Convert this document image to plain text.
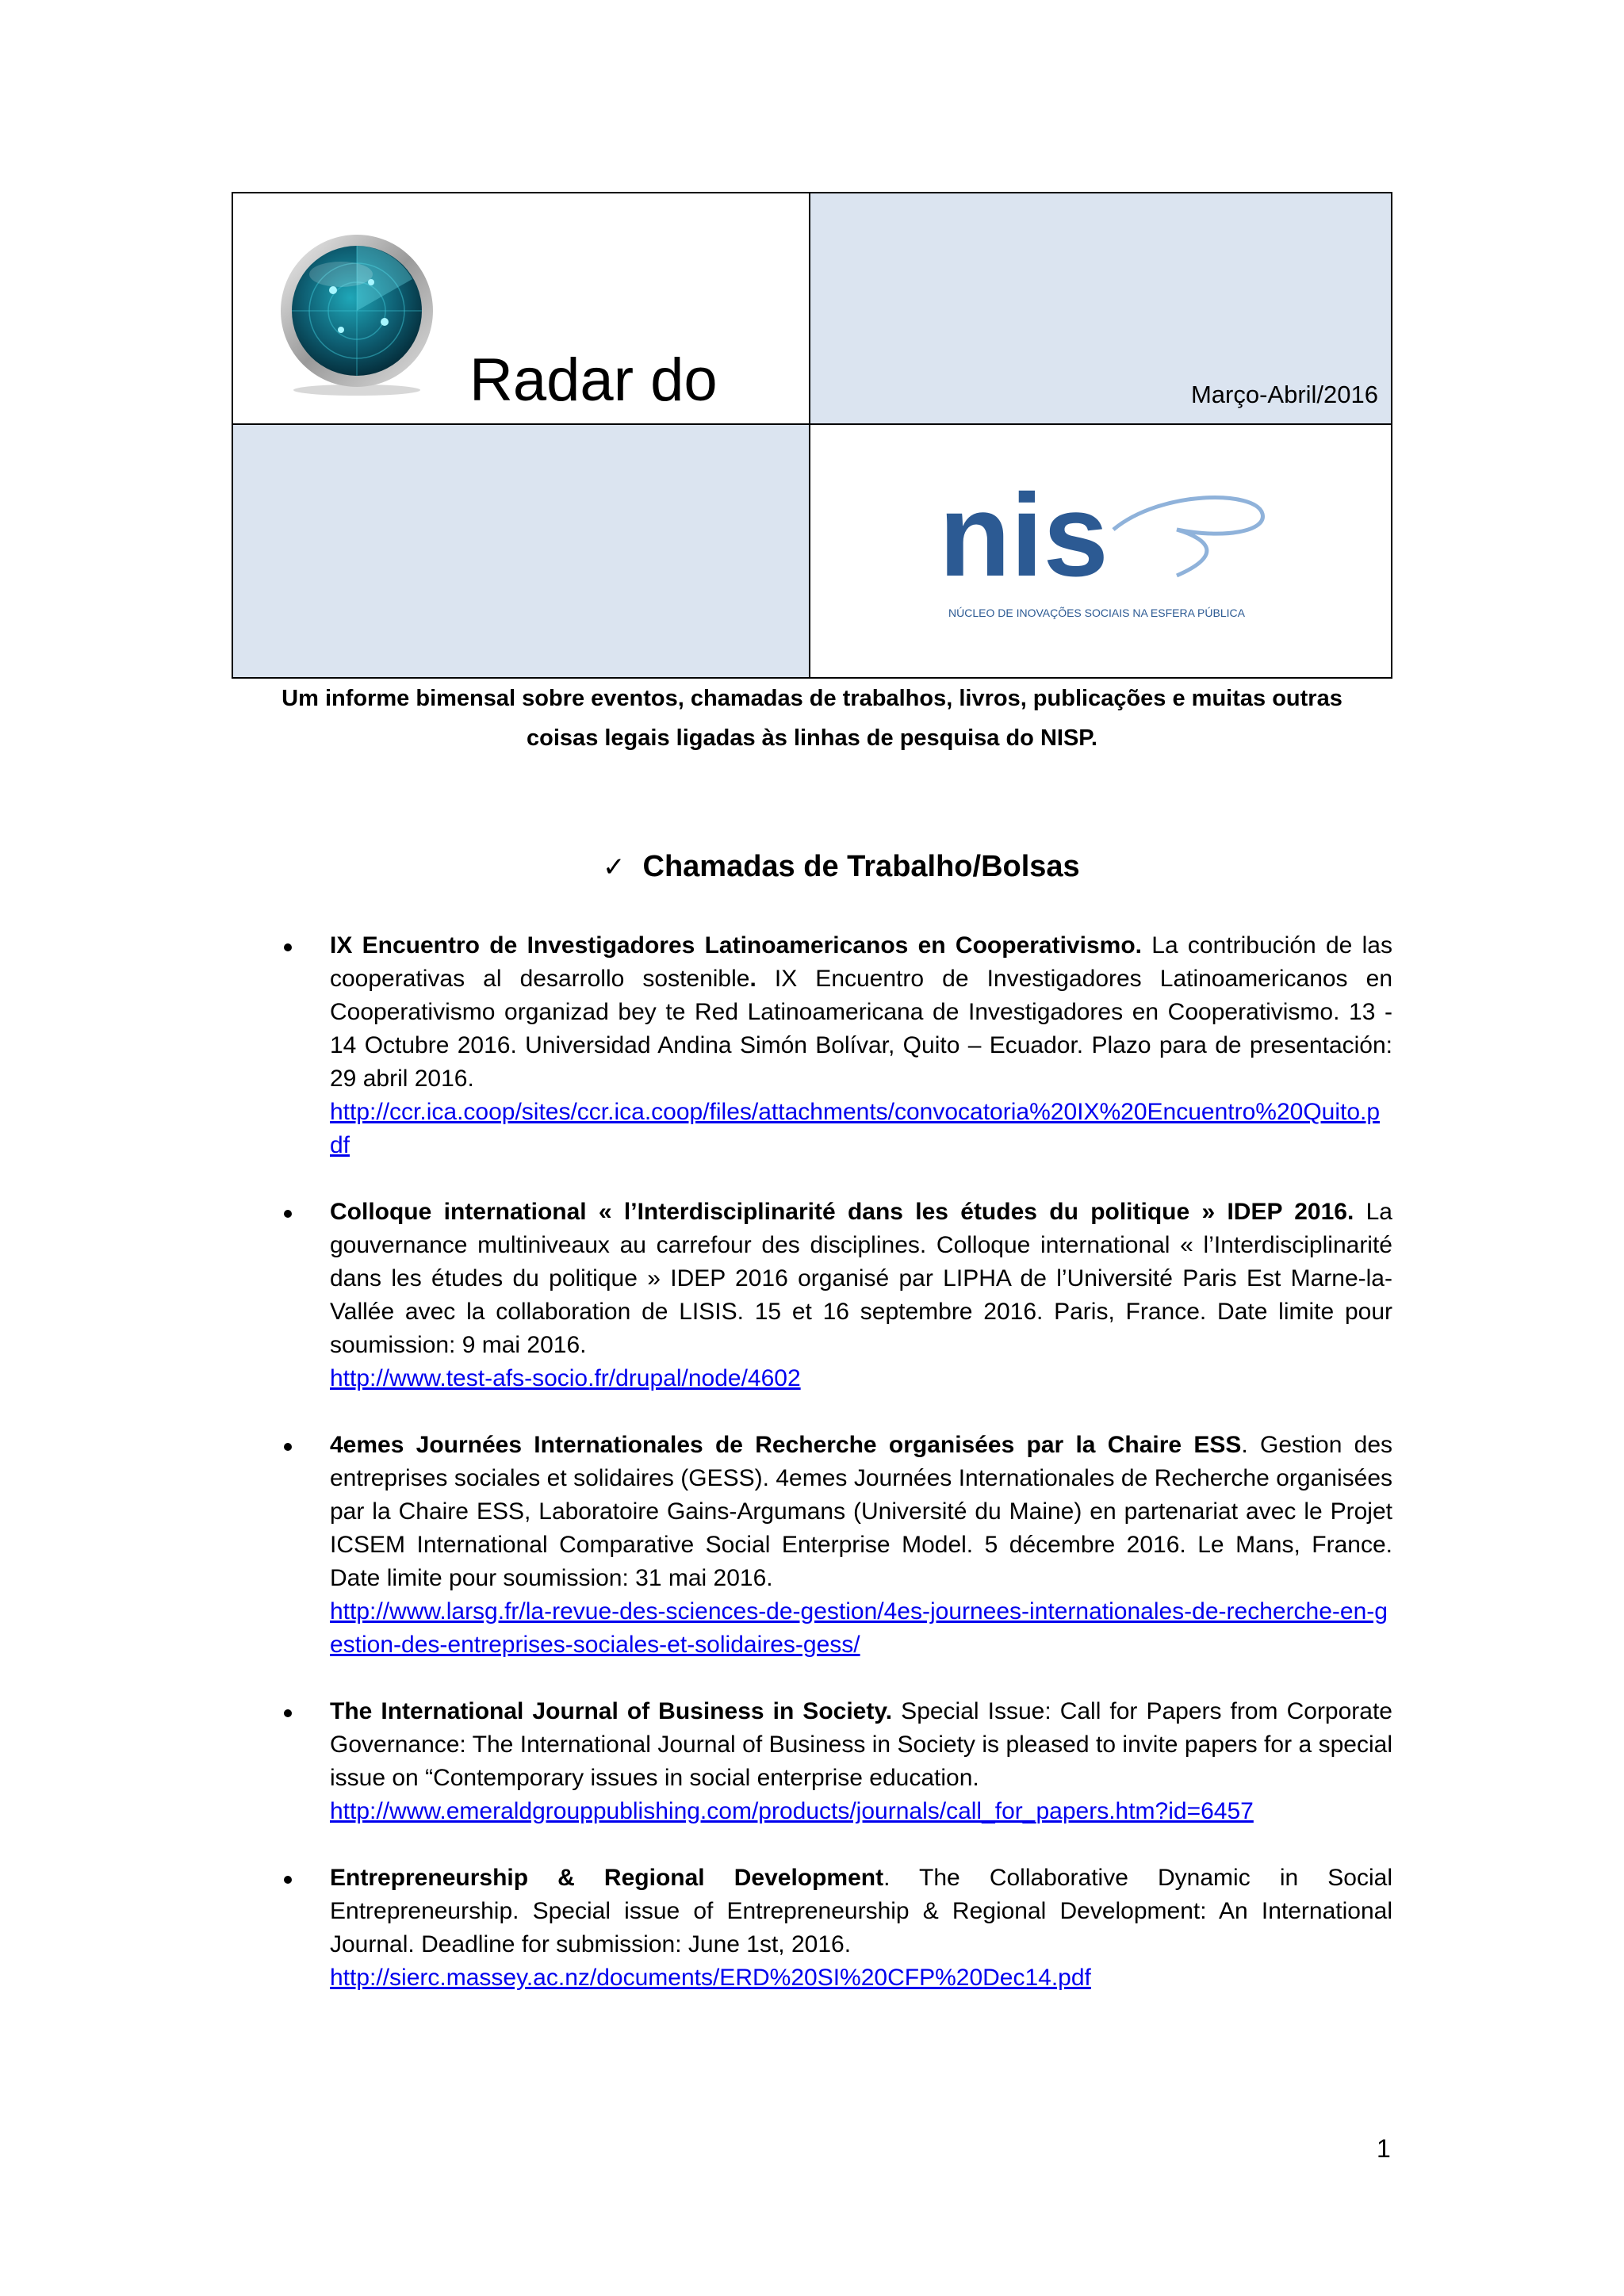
Radar do	Março-Abril/2016
nis
NÚCLEO DE INOVAÇÕES SOCIAIS NA ESFERA PÚBLICA
Um informe bimensal sobre eventos, chamadas de trabalhos, livros, publicações e muitas outras
coisas legais ligadas às linhas de pesquisa do NISP.
✓ Chamadas de Trabalho/Bolsas

IX Encuentro de Investigadores Latinoamericanos en Cooperativismo. La contribución de las cooperativas al desarrollo sostenible. IX Encuentro de Investigadores Latinoamericanos en Cooperativismo organizad bey te Red Latinoamericana de Investigadores en Cooperativismo. 13 - 14 Octubre 2016. Universidad Andina Simón Bolívar, Quito – Ecuador. Plazo para de presentación: 29 abril 2016.

http://ccr.ica.coop/sites/ccr.ica.coop/files/attachments/convocatoria%20IX%20Encuentro%20Quito.pdf

Colloque international « l’Interdisciplinarité dans les études du politique » IDEP 2016. La gouvernance multiniveaux au carrefour des disciplines. Colloque international « l’Interdisciplinarité dans les études du politique » IDEP 2016 organisé par LIPHA de l’Université Paris Est Marne-la-Vallée avec la collaboration de LISIS. 15 et 16 septembre 2016. Paris, France. Date limite pour soumission: 9 mai 2016.

http://www.test-afs-socio.fr/drupal/node/4602

4emes Journées Internationales de Recherche organisées par la Chaire ESS. Gestion des entreprises sociales et solidaires (GESS). 4emes Journées Internationales de Recherche organisées par la Chaire ESS, Laboratoire Gains-Argumans (Université du Maine) en partenariat avec le Projet ICSEM International Comparative Social Enterprise Model. 5 décembre 2016. Le Mans, France. Date limite pour soumission: 31 mai 2016.

http://www.larsg.fr/la-revue-des-sciences-de-gestion/4es-journees-internationales-de-recherche-en-gestion-des-entreprises-sociales-et-solidaires-gess/

The International Journal of Business in Society. Special Issue: Call for Papers from Corporate Governance: The International Journal of Business in Society is pleased to invite papers for a special issue on “Contemporary issues in social enterprise education.

http://www.emeraldgrouppublishing.com/products/journals/call_for_papers.htm?id=6457

Entrepreneurship & Regional Development. The Collaborative Dynamic in Social Entrepreneurship. Special issue of Entrepreneurship & Regional Development: An International Journal. Deadline for submission: June 1st, 2016.

http://sierc.massey.ac.nz/documents/ERD%20SI%20CFP%20Dec14.pdf
1
